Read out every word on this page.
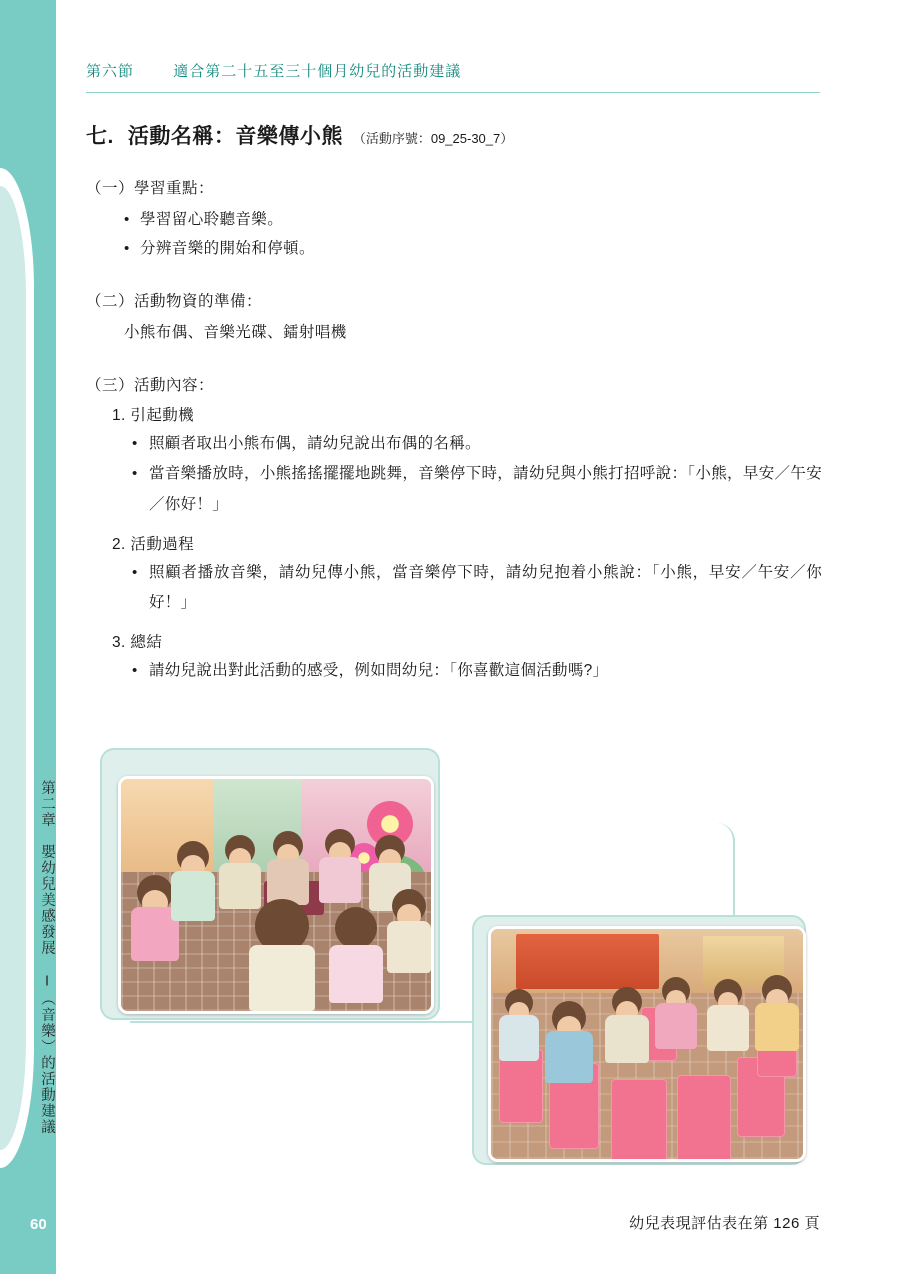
第二章　嬰幼兒美感發展 I（音樂）的活動建議
60
第六節	適合第二十五至三十個月幼兒的活動建議
七. 活動名稱：音樂傳小熊 （活動序號：09_25-30_7）
（一）學習重點：
• 學習留心聆聽音樂。
• 分辨音樂的開始和停頓。
（二）活動物資的準備：
小熊布偶、音樂光碟、鐳射唱機
（三）活動內容：
1. 引起動機
• 照顧者取出小熊布偶，請幼兒說出布偶的名稱。
• 當音樂播放時，小熊搖搖擺擺地跳舞，音樂停下時，請幼兒與小熊打招呼說：「小熊，早安／午安／你好！」
2. 活動過程
• 照顧者播放音樂，請幼兒傳小熊，當音樂停下時，請幼兒抱着小熊說：「小熊，早安／午安／你好！」
3. 總結
• 請幼兒說出對此活動的感受，例如問幼兒：「你喜歡這個活動嗎?」
幼兒表現評估表在第 126 頁
